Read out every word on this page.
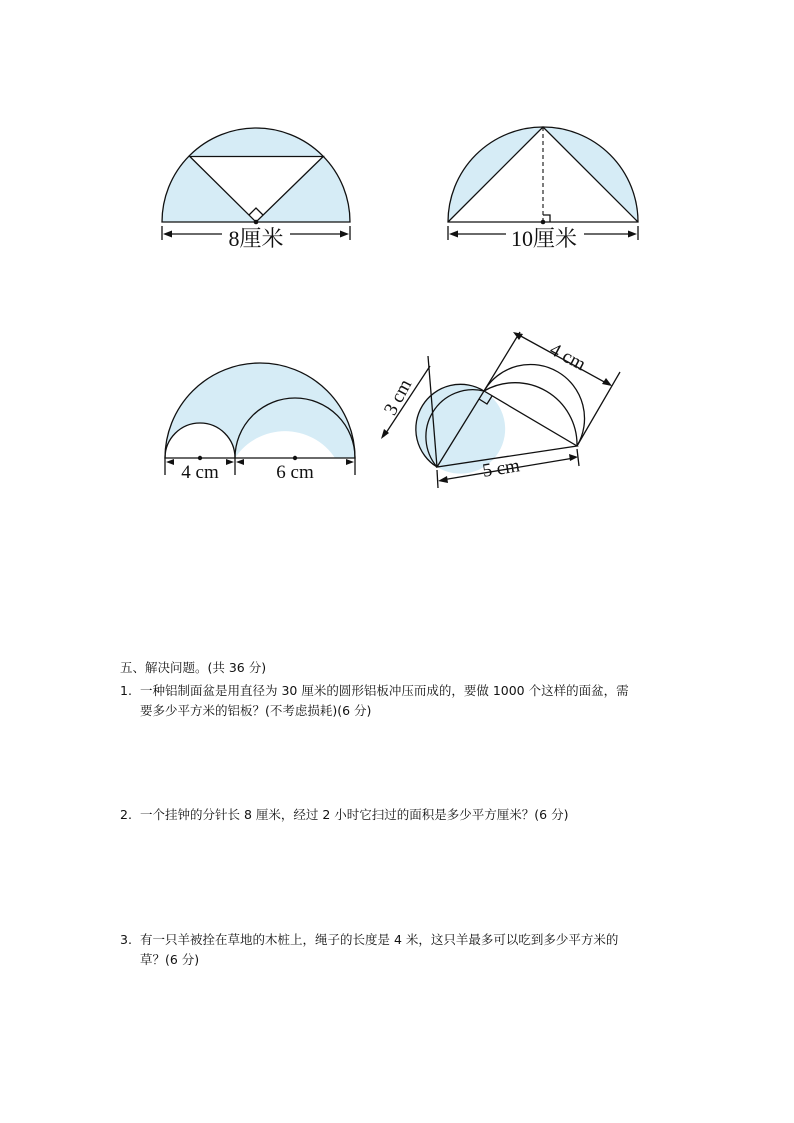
8厘米	10厘米
4 cm	6 cm
3 cm
4 cm
5 cm
五、解决问题。(共 36 分)
1. 一种铝制面盆是用直径为 30 厘米的圆形铝板冲压而成的，要做 1000 个这样的面盆，需
要多少平方米的铝板？(不考虑损耗)(6 分)
2. 一个挂钟的分针长 8 厘米，经过 2 小时它扫过的面积是多少平方厘米？(6 分)
3. 有一只羊被拴在草地的木桩上，绳子的长度是 4 米，这只羊最多可以吃到多少平方米的
草？(6 分)
